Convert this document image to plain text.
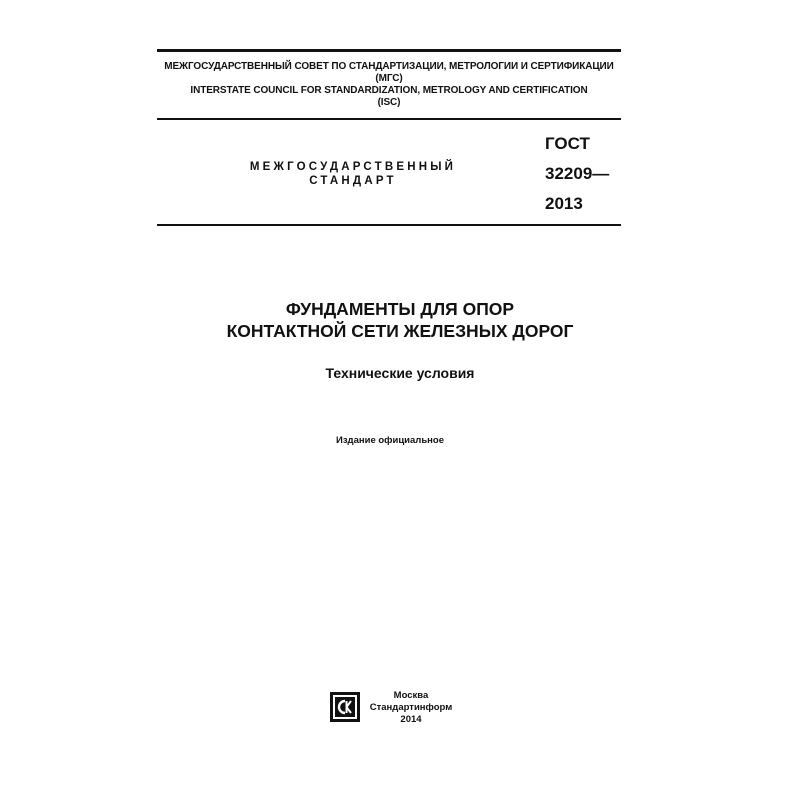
МЕЖГОСУДАРСТВЕННЫЙ СОВЕТ ПО СТАНДАРТИЗАЦИИ, МЕТРОЛОГИИ И СЕРТИФИКАЦИИ
(МГС)
INTERSTATE COUNCIL FOR STANDARDIZATION, METROLOGY AND CERTIFICATION
(ISC)
МЕЖГОСУДАРСТВЕННЫЙ
СТАНДАРТ
ГОСТ
32209—
2013
ФУНДАМЕНТЫ ДЛЯ ОПОР
КОНТАКТНОЙ СЕТИ ЖЕЛЕЗНЫХ ДОРОГ
Технические условия
Издание официальное
Москва
Стандартинформ
2014
